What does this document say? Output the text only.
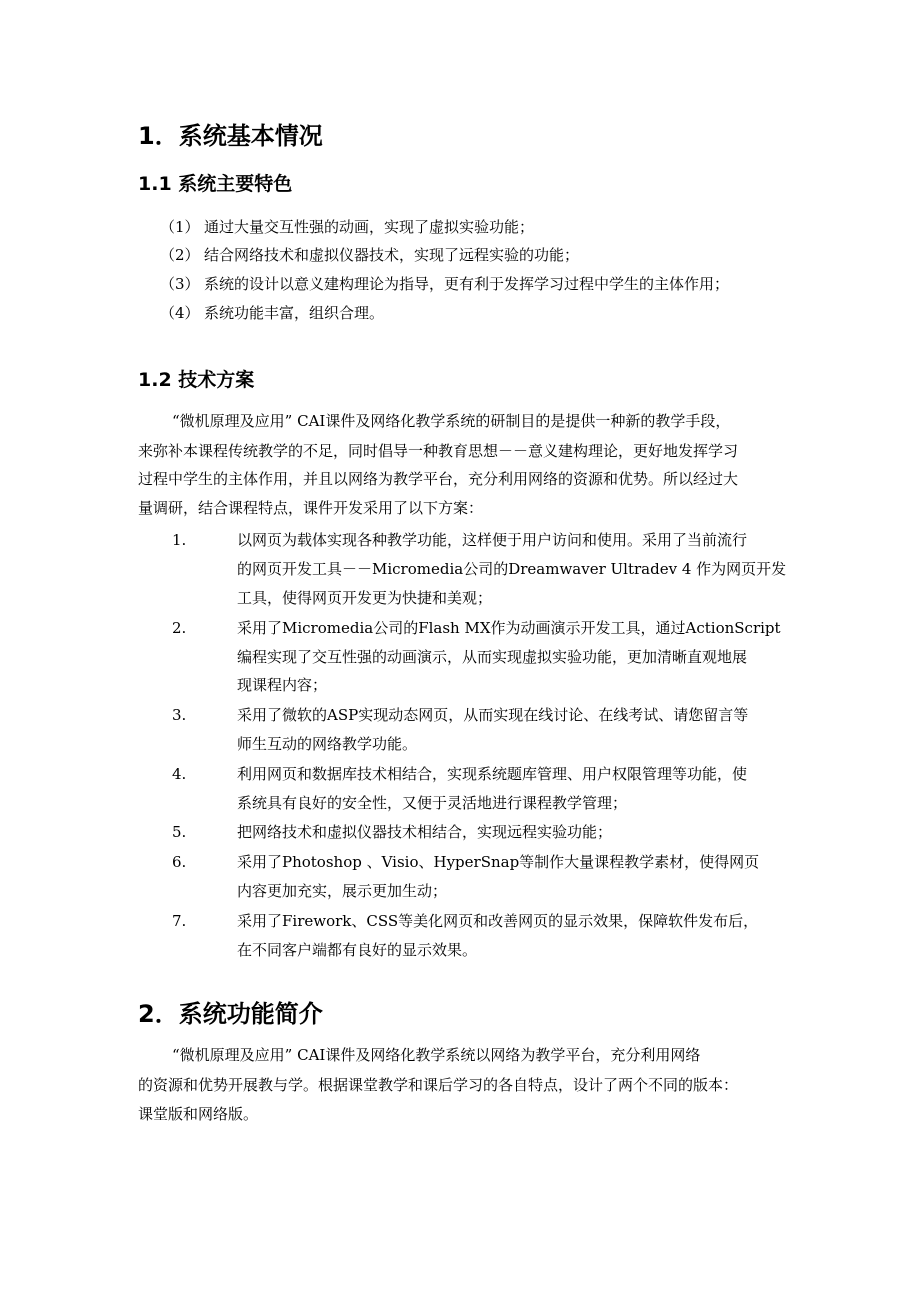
1．系统基本情况
1.1 系统主要特色
（1） 通过大量交互性强的动画，实现了虚拟实验功能；
（2） 结合网络技术和虚拟仪器技术，实现了远程实验的功能；
（3） 系统的设计以意义建构理论为指导，更有利于发挥学习过程中学生的主体作用；
（4） 系统功能丰富，组织合理。
1.2 技术方案
“微机原理及应用” CAI课件及网络化教学系统的研制目的是提供一种新的教学手段，
来弥补本课程传统教学的不足，同时倡导一种教育思想－－意义建构理论，更好地发挥学习
过程中学生的主体作用，并且以网络为教学平台，充分利用网络的资源和优势。所以经过大
量调研，结合课程特点，课件开发采用了以下方案：
1.	以网页为载体实现各种教学功能，这样便于用户访问和使用。采用了当前流行
的网页开发工具－－Micromedia公司的Dreamwaver Ultradev 4 作为网页开发
工具，使得网页开发更为快捷和美观；
2.	采用了Micromedia公司的Flash MX作为动画演示开发工具，通过ActionScript
编程实现了交互性强的动画演示，从而实现虚拟实验功能，更加清晰直观地展
现课程内容；
3.	采用了微软的ASP实现动态网页，从而实现在线讨论、在线考试、请您留言等
师生互动的网络教学功能。
4.	利用网页和数据库技术相结合，实现系统题库管理、用户权限管理等功能，使
系统具有良好的安全性，又便于灵活地进行课程教学管理；
5.	把网络技术和虚拟仪器技术相结合，实现远程实验功能；
6.	采用了Photoshop 、Visio、HyperSnap等制作大量课程教学素材，使得网页
内容更加充实，展示更加生动；
7.	采用了Firework、CSS等美化网页和改善网页的显示效果，保障软件发布后，
在不同客户端都有良好的显示效果。
2．系统功能简介
“微机原理及应用” CAI课件及网络化教学系统以网络为教学平台，充分利用网络
的资源和优势开展教与学。根据课堂教学和课后学习的各自特点，设计了两个不同的版本：
课堂版和网络版。
